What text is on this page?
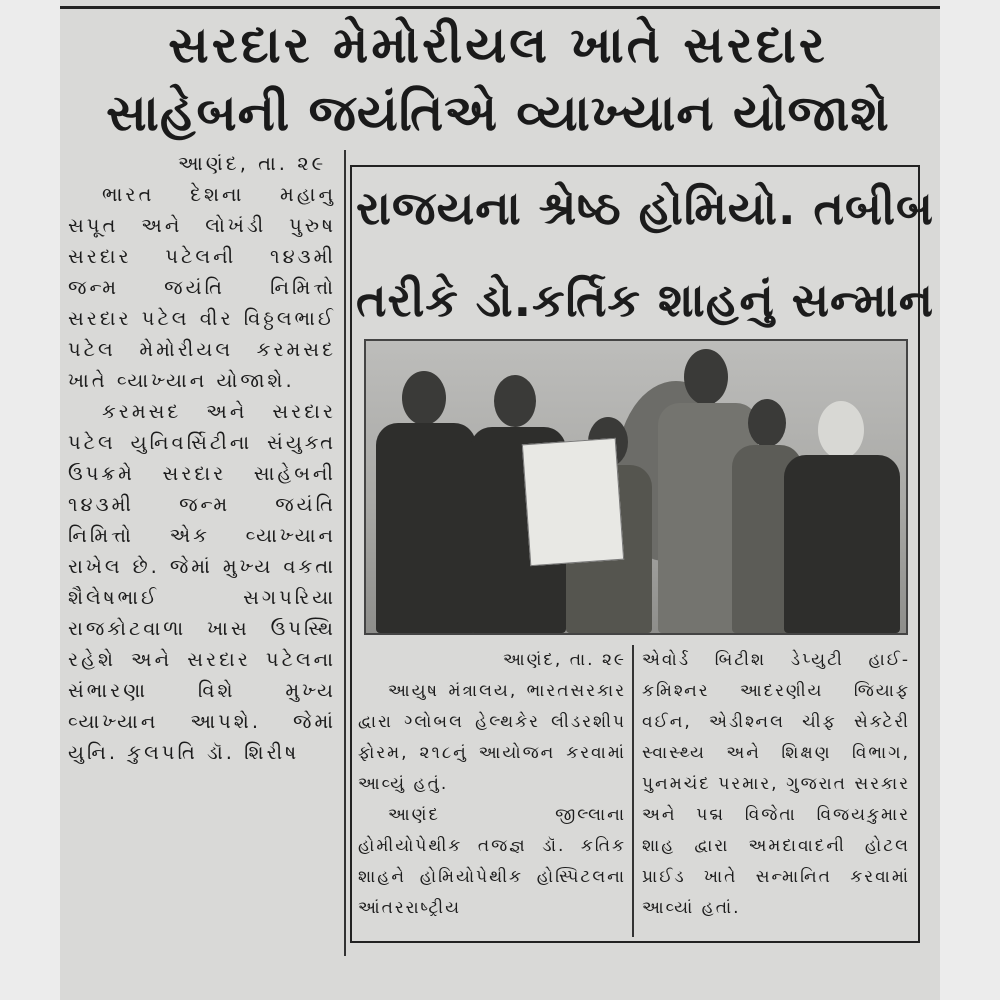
સરદાર મેમોરીયલ ખાતે સરદાર
સાહેબની જયંતિએ વ્યાખ્યાન યોજાશે

આણંદ, તા. ૨૯

ભારત દેશના મહાનુ સપૂત અને લોખંડી પુરુષ સરદાર પટેલની ૧૪૩મી જન્મ જયંતિ નિમિત્તો સરદાર પટેલ વીર વિઠ્ઠલભાઈ પટેલ મેમોરીયલ કરમસદ ખાતે વ્યાખ્યાન યોજાશે.

કરમસદ અને સરદાર પટેલ યુનિવર્સિટીના સંયુક્ત ઉપક્રમે સરદાર સાહેબની ૧૪૩મી જન્મ જયંતિ નિમિત્તો એક વ્યાખ્યાન રાખેલ છે. જેમાં મુખ્ય વકતા શૈલેષભાઈ સગપરિયા રાજકોટવાળા ખાસ ઉપસ્થિ રહેશે અને સરદાર પટેલના સંભારણા વિશે મુખ્ય વ્યાખ્યાન આપશે. જેમાં યુનિ. કુલપતિ ડૉ. શિરીષ

રાજયના શ્રેષ્ઠ હોમિયો. તબીબ
તરીકે ડો.કર્તિક શાહનું સન્માન

આણંદ, તા. ૨૯

આયુષ મંત્રાલય, ભારતસરકાર દ્વારા ગ્લોબલ હેલ્થકેર લીડરશીપ ફોરમ, ૨૧૮નું આયોજન કરવામાં આવ્યું હતું.

આણંદ જીલ્લાના હોમીયોપેથીક તજજ્ઞ ડૉ. કતિક શાહને હોમિયોપેથીક હોસ્પિટલના આંતરરાષ્ટ્રીય

એવોર્ડ બિટીશ ડેપ્યુટી હાઈ-કમિશ્નર આદરણીય જિયાફ વઈન, એડીશ્નલ ચીફ સેક્ટેરી સ્વાસ્થ્ય અને શિક્ષણ વિભાગ, પુનમચંદ પરમાર, ગુજરાત સરકાર અને પદ્મ વિજેતા વિજયકુમાર શાહ દ્વારા અમદાવાદની હોટલ પ્રાઈડ ખાતે સન્માનિત કરવામાં આવ્યાં હતાં.
